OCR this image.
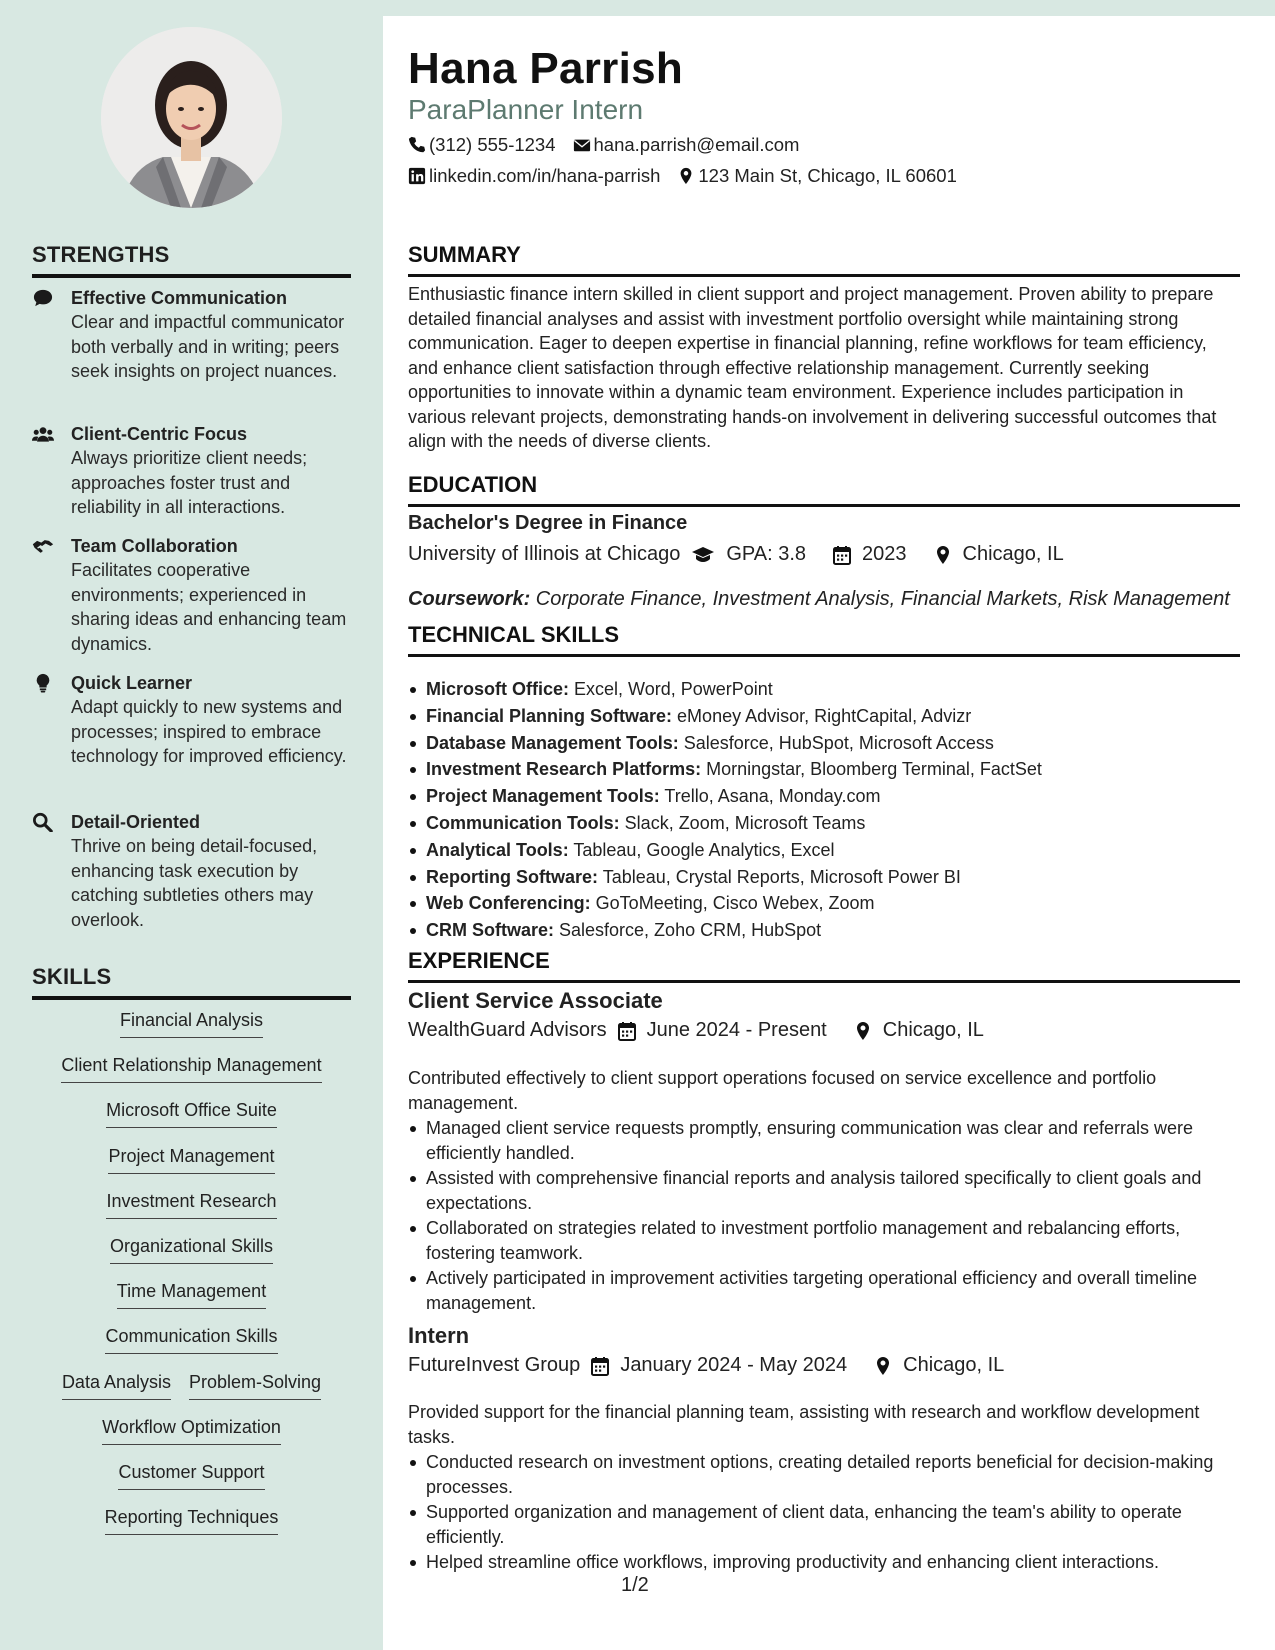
STRENGTHS
Effective Communication
Clear and impactful communicator both verbally and in writing; peers seek insights on project nuances.
Client-Centric Focus
Always prioritize client needs; approaches foster trust and reliability in all interactions.
Team Collaboration
Facilitates cooperative environments; experienced in sharing ideas and enhancing team dynamics.
Quick Learner
Adapt quickly to new systems and processes; inspired to embrace technology for improved efficiency.
Detail-Oriented
Thrive on being detail-focused, enhancing task execution by catching subtleties others may overlook.
SKILLS
Financial Analysis
Client Relationship Management
Microsoft Office Suite
Project Management
Investment Research
Organizational Skills
Time Management
Communication Skills
Data Analysis Problem-Solving
Workflow Optimization
Customer Support
Reporting Techniques
Hana Parrish
ParaPlanner Intern
(312) 555-1234 hana.parrish@email.com
linkedin.com/in/hana-parrish 123 Main St, Chicago, IL 60601
SUMMARY
Enthusiastic finance intern skilled in client support and project management. Proven ability to prepare detailed financial analyses and assist with investment portfolio oversight while maintaining strong communication. Eager to deepen expertise in financial planning, refine workflows for team efficiency, and enhance client satisfaction through effective relationship management. Currently seeking opportunities to innovate within a dynamic team environment. Experience includes participation in various relevant projects, demonstrating hands-on involvement in delivering successful outcomes that align with the needs of diverse clients.
EDUCATION
Bachelor's Degree in Finance
University of Illinois at Chicago GPA: 3.8	2023	Chicago, IL
Coursework: Corporate Finance, Investment Analysis, Financial Markets, Risk Management
TECHNICAL SKILLS
Microsoft Office: Excel, Word, PowerPoint
Financial Planning Software: eMoney Advisor, RightCapital, Advizr
Database Management Tools: Salesforce, HubSpot, Microsoft Access
Investment Research Platforms: Morningstar, Bloomberg Terminal, FactSet
Project Management Tools: Trello, Asana, Monday.com
Communication Tools: Slack, Zoom, Microsoft Teams
Analytical Tools: Tableau, Google Analytics, Excel
Reporting Software: Tableau, Crystal Reports, Microsoft Power BI
Web Conferencing: GoToMeeting, Cisco Webex, Zoom
CRM Software: Salesforce, Zoho CRM, HubSpot
EXPERIENCE
Client Service Associate
WealthGuard Advisors June 2024 - Present	Chicago, IL
Contributed effectively to client support operations focused on service excellence and portfolio management.
Managed client service requests promptly, ensuring communication was clear and referrals were efficiently handled.
Assisted with comprehensive financial reports and analysis tailored specifically to client goals and expectations.
Collaborated on strategies related to investment portfolio management and rebalancing efforts, fostering teamwork.
Actively participated in improvement activities targeting operational efficiency and overall timeline management.
Intern
FutureInvest Group January 2024 - May 2024	Chicago, IL
Provided support for the financial planning team, assisting with research and workflow development tasks.
Conducted research on investment options, creating detailed reports beneficial for decision-making processes.
Supported organization and management of client data, enhancing the team's ability to operate efficiently.
Helped streamline office workflows, improving productivity and enhancing client interactions.
1/2
